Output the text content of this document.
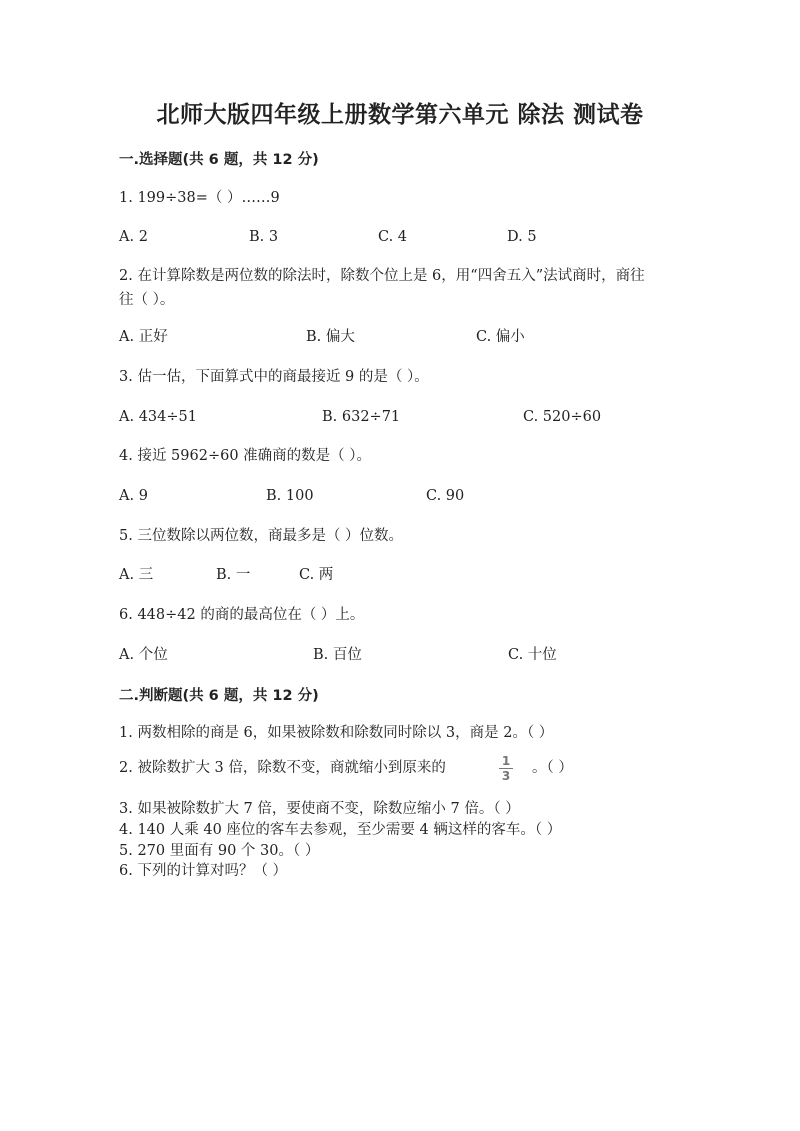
北师大版四年级上册数学第六单元 除法 测试卷
一.选择题(共 6 题，共 12 分)
1. 199÷38=（ ）……9
A. 2	B. 3	C. 4	D. 5
2. 在计算除数是两位数的除法时，除数个位上是 6，用“四舍五入”法试商时，商往往（ ）。
A. 正好	B. 偏大	C. 偏小
3. 估一估，下面算式中的商最接近 9 的是（ ）。
A. 434÷51	B. 632÷71	C. 520÷60
4. 接近 5962÷60 准确商的数是（ ）。
A. 9	B. 100	C. 90
5. 三位数除以两位数，商最多是（ ）位数。
A. 三	B. 一	C. 两
6. 448÷42 的商的最高位在（ ）上。
A. 个位	B. 百位	C. 十位
二.判断题(共 6 题，共 12 分)
1. 两数相除的商是 6，如果被除数和除数同时除以 3，商是 2。（ ）
2. 被除数扩大 3 倍，除数不变，商就缩小到原来的	1
3 。（ ）
3. 如果被除数扩大 7 倍，要使商不变，除数应缩小 7 倍。（ ）
4. 140 人乘 40 座位的客车去参观，至少需要 4 辆这样的客车。（ ）
5. 270 里面有 90 个 30。（ ）
6. 下列的计算对吗？（ ）
